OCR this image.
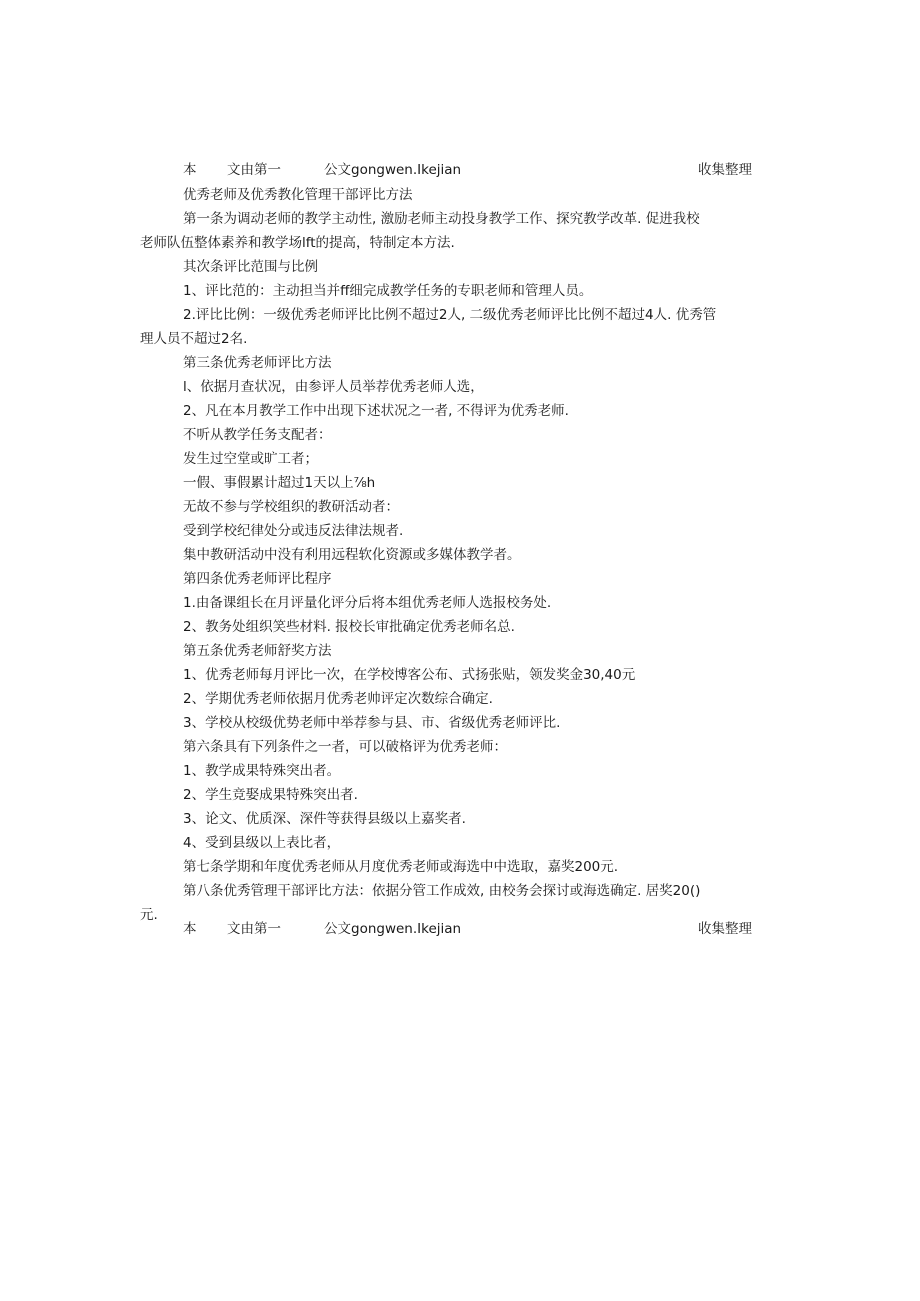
本 文由第一	公文gongwen.Ikejian	收集整理
优秀老师及优秀教化管理干部评比方法
第一条为调动老师的教学主动性, 激励老师主动投身教学工作、探究教学改革. 促进我校
老师队伍整体素养和教学场lft的提高，特制定本方法.
其次条评比范围与比例
1、评比范的：主动担当并ff细完成教学任务的专职老师和管理人员。
2.评比比例：一级优秀老师评比比例不超过2人, 二级优秀老师评比比例不超过4人. 优秀管
理人员不超过2名.
第三条优秀老师评比方法
l、依据月查状况，由参评人员举荐优秀老师人选，
2、凡在本月教学工作中出现下述状况之一者, 不得评为优秀老师.
不听从教学任务支配者：
发生过空堂或旷工者；
一假、事假累计超过1天以上⅞h
无故不参与学校组织的教研活动者：
受到学校纪律处分或违反法律法规者.
集中教研活动中没有利用远程软化资源或多媒体教学者。
第四条优秀老师评比程序
1.由备课组长在月评量化评分后将本组优秀老师人选报校务处.
2、教务处组织笑些材料. 报校长审批确定优秀老师名总.
第五条优秀老师舒奖方法
1、优秀老师每月评比一次，在学校博客公布、式扬张贴，领发奖金30,40元
2、学期优秀老师依据月优秀老帅评定次数综合确定.
3、学校从校级优势老师中举荐参与县、市、省级优秀老师评比.
第六条具有下列条件之一者，可以破格评为优秀老师：
1、教学成果特殊突出者。
2、学生竞娶成果特殊突出者.
3、论文、优质深、深件等获得县级以上嘉奖者.
4、受到县级以上表比者，
第七条学期和年度优秀老师从月度优秀老师或海选中中选取，嘉奖200元.
第八条优秀管理干部评比方法：依据分管工作成效, 由校务会探讨或海选确定. 居奖20()
元.
本 文由第一	公文gongwen.Ikejian	收集整理
